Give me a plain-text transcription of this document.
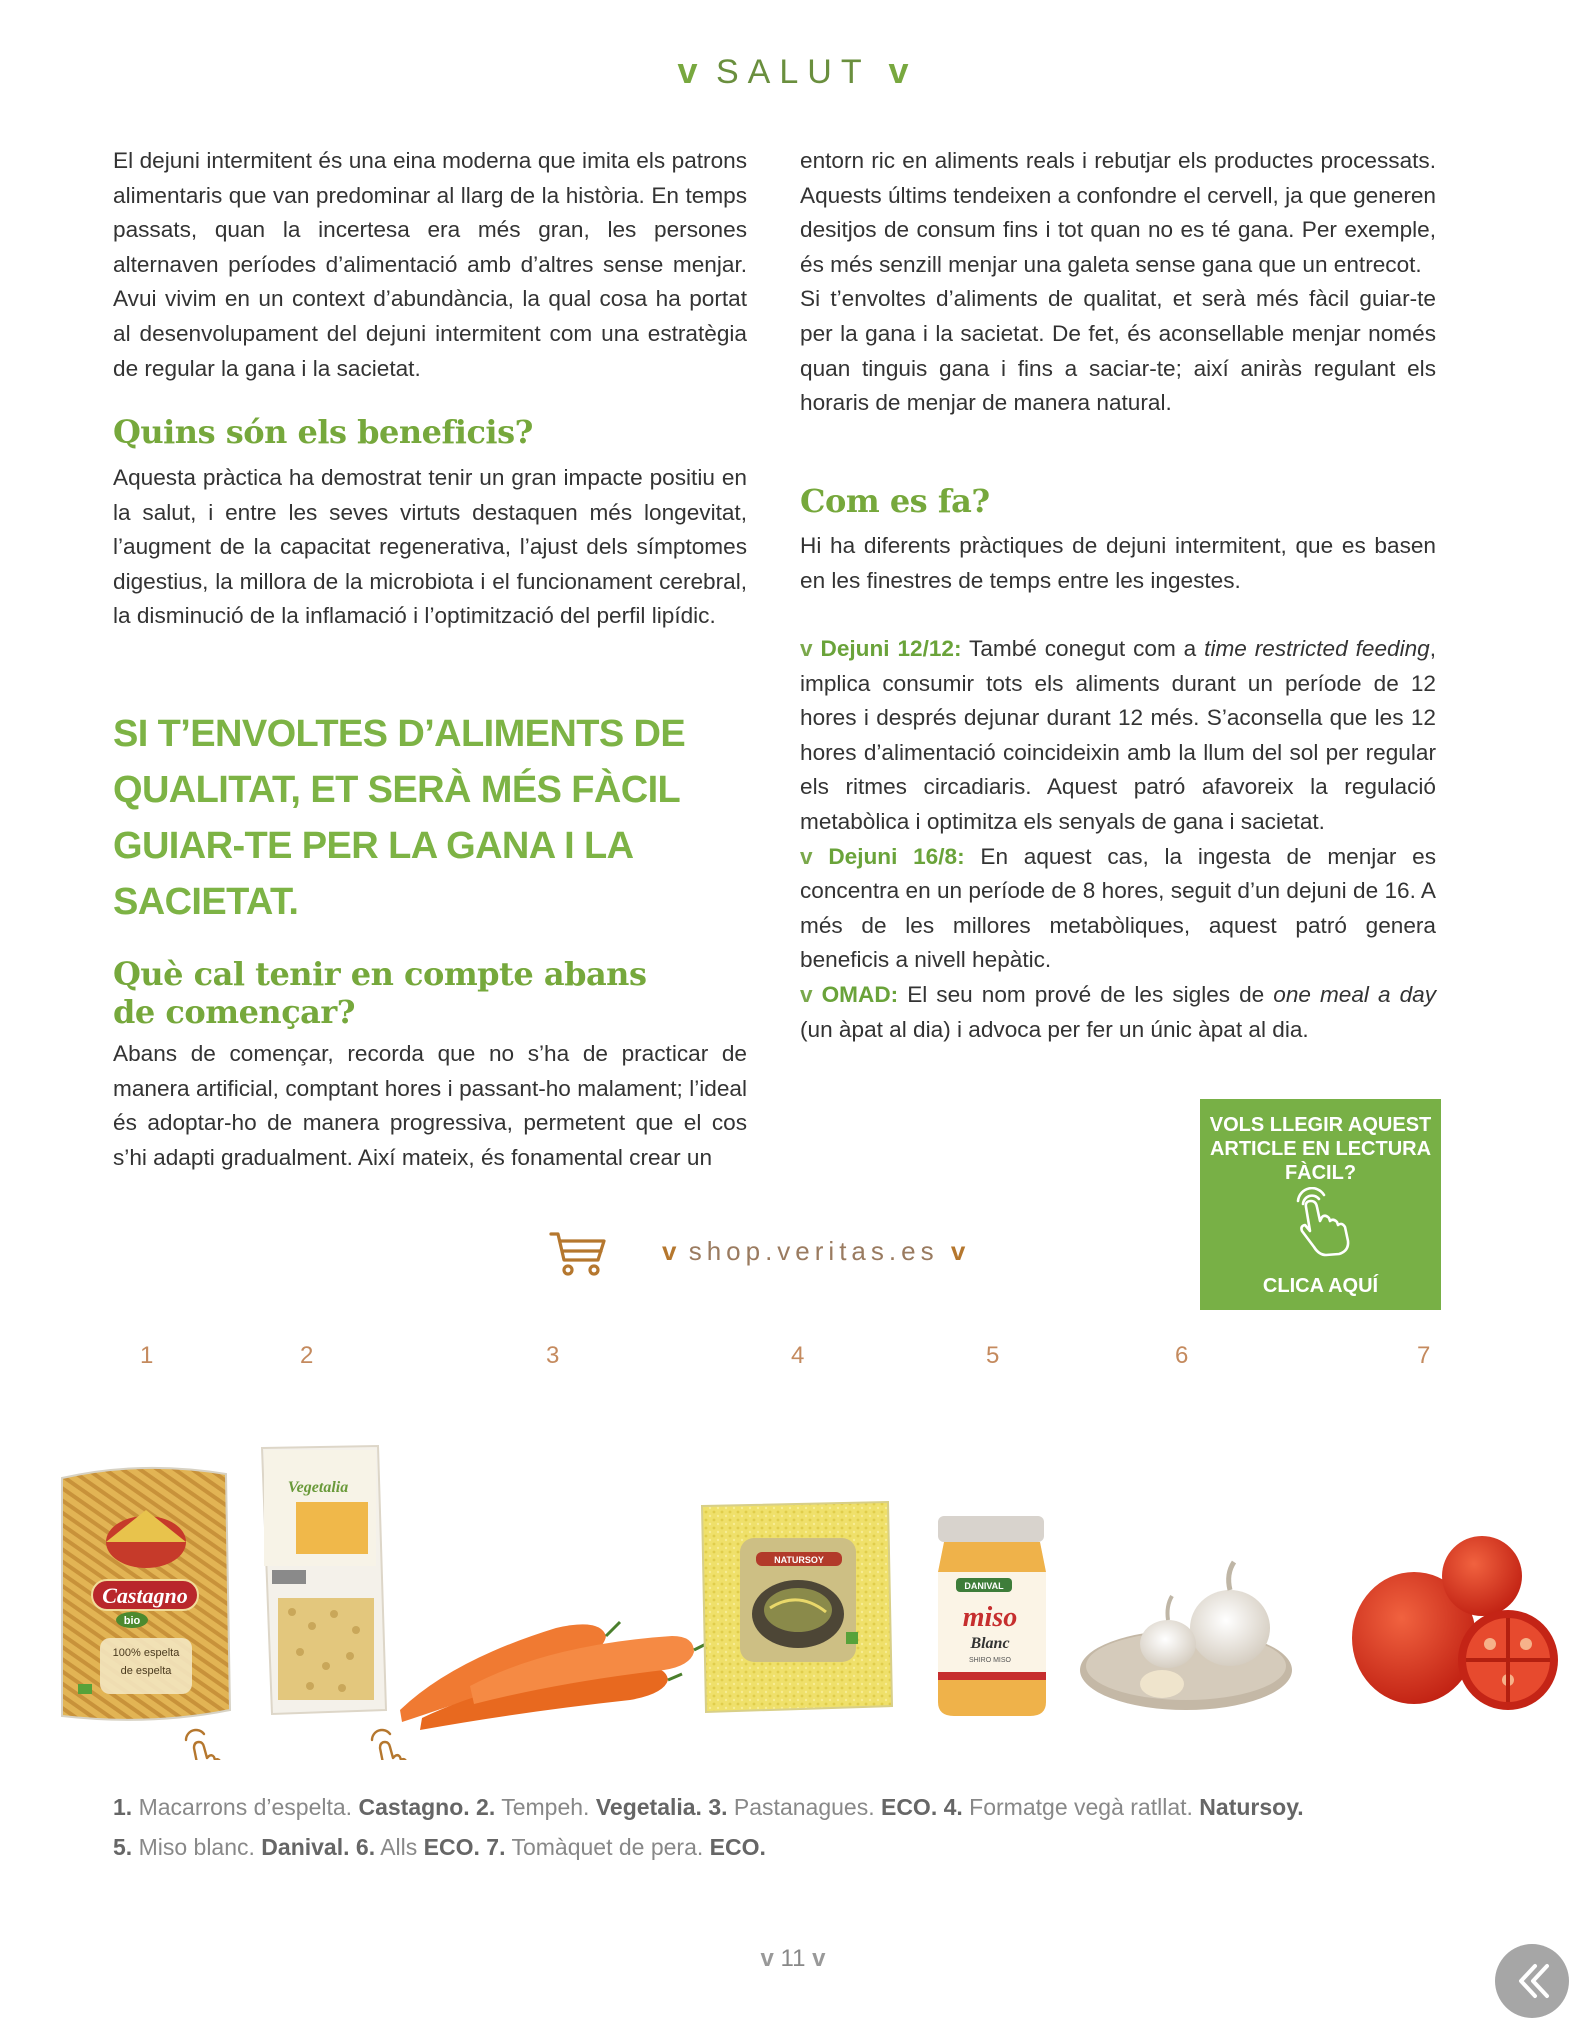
v SALUT v

El dejuni intermitent és una eina moderna que imita els patrons alimentaris que van predominar al llarg de la història. En temps passats, quan la incertesa era més gran, les persones alternaven períodes d’alimentació amb d’altres sense menjar. Avui vivim en un context d’abundància, la qual cosa ha portat al desenvolupament del dejuni intermitent com una estratègia de regular la gana i la sacietat.

Quins són els beneficis?

Aquesta pràctica ha demostrat tenir un gran impacte positiu en la salut, i entre les seves virtuts destaquen més longevitat, l’augment de la capacitat regenerativa, l’ajust dels símptomes digestius, la millora de la microbiota i el funcionament cerebral, la disminució de la inflamació i l’optimització del perfil lipídic.

SI T’ENVOLTES D’ALIMENTS DE QUALITAT, ET SERÀ MÉS FÀCIL GUIAR-TE PER LA GANA I LA SACIETAT.
Què cal tenir en compte abans
de començar?

Abans de començar, recorda que no s’ha de practicar de manera artificial, comptant hores i passant-ho malament; l’ideal és adoptar-ho de manera progressiva, permetent que el cos s’hi adapti gradualment. Així mateix, és fonamental crear un

entorn ric en aliments reals i rebutjar els productes processats. Aquests últims tendeixen a confondre el cervell, ja que generen desitjos de consum fins i tot quan no es té gana. Per exemple, és més senzill menjar una galeta sense gana que un entrecot.

Si t’envoltes d’aliments de qualitat, et serà més fàcil guiar-te per la gana i la sacietat. De fet, és aconsellable menjar només quan tinguis gana i fins a saciar-te; així aniràs regulant els horaris de menjar de manera natural.

Com es fa?

Hi ha diferents pràctiques de dejuni intermitent, que es basen en les finestres de temps entre les ingestes.

v Dejuni 12/12: També conegut com a time restricted feeding, implica consumir tots els aliments durant un període de 12 hores i després dejunar durant 12 més. S’aconsella que les 12 hores d’alimentació coincideixin amb la llum del sol per regular els ritmes circadiaris. Aquest patró afavoreix la regulació metabòlica i optimitza els senyals de gana i sacietat.

v Dejuni 16/8: En aquest cas, la ingesta de menjar es concentra en un període de 8 hores, seguit d’un dejuni de 16. A més de les millores metabòliques, aquest patró genera beneficis a nivell hepàtic.

v OMAD: El seu nom prové de les sigles de one meal a day (un àpat al dia) i advoca per fer un únic àpat al dia.

VOLS LLEGIR AQUEST ARTICLE EN LECTURA FÀCIL?
CLICA AQUÍ
v shop.veritas.es v
1	2	3	4	5	6	7
Castagno
bio
100% espelta
de espelta
Vegetalia
NATURSOY
DANIVAL
miso
Blanc
SHIRO MISO
1. Macarrons d’espelta. Castagno. 2. Tempeh. Vegetalia. 3. Pastanagues. ECO. 4. Formatge vegà ratllat. Natursoy.
5. Miso blanc. Danival. 6. Alls ECO. 7. Tomàquet de pera. ECO.
v 11 v
